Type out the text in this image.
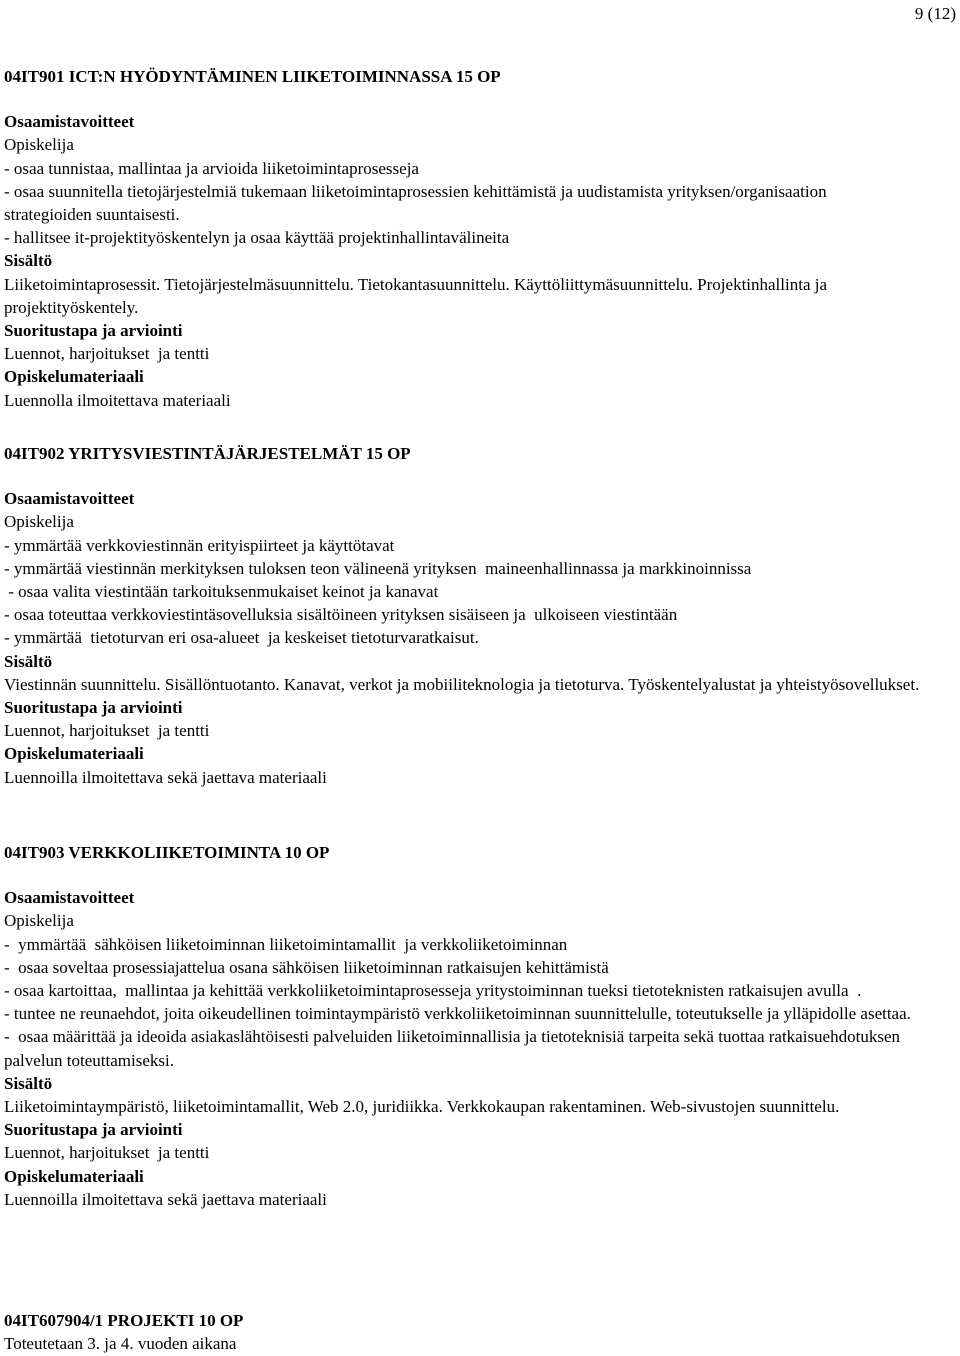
9 (12)
04IT901 ICT:N HYÖDYNTÄMINEN LIIKETOIMINNASSA 15 OP
Osaamistavoitteet
Opiskelija
- osaa tunnistaa, mallintaa ja arvioida liiketoimintaprosesseja
- osaa suunnitella tietojärjestelmiä tukemaan liiketoimintaprosessien kehittämistä ja uudistamista yrityksen/organisaation strategioiden suuntaisesti.
- hallitsee it-projektityöskentelyn ja osaa käyttää projektinhallintavälineita
Sisältö
Liiketoimintaprosessit. Tietojärjestelmäsuunnittelu. Tietokantasuunnittelu. Käyttöliittymäsuunnittelu. Projektinhallinta ja projektityöskentely.
Suoritustapa ja arviointi
Luennot, harjoitukset  ja tentti
Opiskelumateriaali
Luennolla ilmoitettava materiaali
04IT902 YRITYSVIESTINTÄJÄRJESTELMÄT 15 OP
Osaamistavoitteet
Opiskelija
- ymmärtää verkkoviestinnän erityispiirteet ja käyttötavat
- ymmärtää viestinnän merkityksen tuloksen teon välineenä yrityksen  maineenhallinnassa ja markkinoinnissa
- osaa valita viestintään tarkoituksenmukaiset keinot ja kanavat
- osaa toteuttaa verkkoviestintäsovelluksia sisältöineen yrityksen sisäiseen ja  ulkoiseen viestintään
- ymmärtää  tietoturvan eri osa-alueet  ja keskeiset tietoturvaratkaisut.
Sisältö
Viestinnän suunnittelu. Sisällöntuotanto. Kanavat, verkot ja mobiiliteknologia ja tietoturva. Työskentelyalustat ja yhteistyösovellukset.
Suoritustapa ja arviointi
Luennot, harjoitukset  ja tentti
Opiskelumateriaali
Luennoilla ilmoitettava sekä jaettava materiaali
04IT903 VERKKOLIIKETOIMINTA 10 OP
Osaamistavoitteet
Opiskelija
-  ymmärtää  sähköisen liiketoiminnan liiketoimintamallit  ja verkkoliiketoiminnan
-  osaa soveltaa prosessiajattelua osana sähköisen liiketoiminnan ratkaisujen kehittämistä
- osaa kartoittaa,  mallintaa ja kehittää verkkoliiketoimintaprosesseja yritystoiminnan tueksi tietoteknisten ratkaisujen avulla  .
- tuntee ne reunaehdot, joita oikeudellinen toimintaympäristö verkkoliiketoiminnan suunnittelulle, toteutukselle ja ylläpidolle asettaa.
-  osaa määrittää ja ideoida asiakaslähtöisesti palveluiden liiketoiminnallisia ja tietoteknisiä tarpeita sekä tuottaa ratkaisuehdotuksen palvelun toteuttamiseksi.
Sisältö
Liiketoimintaympäristö, liiketoimintamallit, Web 2.0, juridiikka. Verkkokaupan rakentaminen. Web-sivustojen suunnittelu.
Suoritustapa ja arviointi
Luennot, harjoitukset  ja tentti
Opiskelumateriaali
Luennoilla ilmoitettava sekä jaettava materiaali
04IT607904/1 PROJEKTI 10 OP
Toteutetaan 3. ja 4. vuoden aikana
